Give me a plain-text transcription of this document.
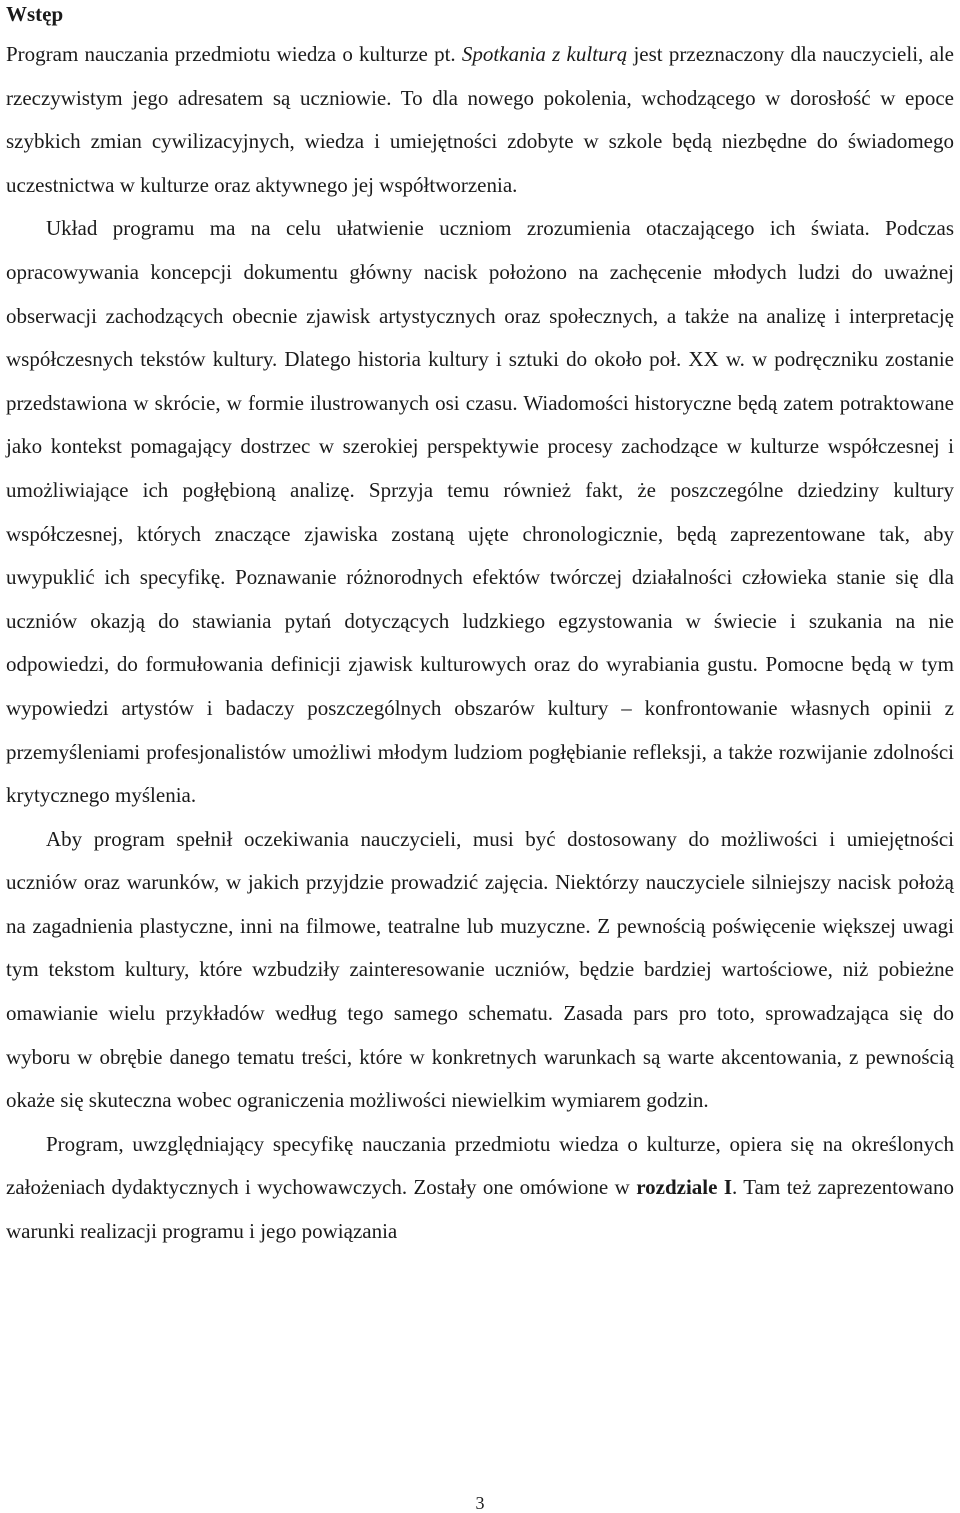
Wstęp

Program nauczania przedmiotu wiedza o kulturze pt. Spotkania z kulturą jest przeznaczony dla nauczycieli, ale rzeczywistym jego adresatem są uczniowie. To dla nowego pokolenia, wchodzącego w dorosłość w epoce szybkich zmian cywilizacyjnych, wiedza i umiejętności zdobyte w szkole będą niezbędne do świadomego uczestnictwa w kulturze oraz aktywnego jej współtworzenia.

Układ programu ma na celu ułatwienie uczniom zrozumienia otaczającego ich świata. Podczas opracowywania koncepcji dokumentu główny nacisk położono na zachęcenie młodych ludzi do uważnej obserwacji zachodzących obecnie zjawisk artystycznych oraz społecznych, a także na analizę i interpretację współczesnych tekstów kultury. Dlatego historia kultury i sztuki do około poł. XX w. w podręczniku zostanie przedstawiona w skrócie, w formie ilustrowanych osi czasu. Wiadomości historyczne będą zatem potraktowane jako kontekst pomagający dostrzec w szerokiej perspektywie procesy zachodzące w kulturze współczesnej i umożliwiające ich pogłębioną analizę. Sprzyja temu również fakt, że poszczególne dziedziny kultury współczesnej, których znaczące zjawiska zostaną ujęte chronologicznie, będą zaprezentowane tak, aby uwypuklić ich specyfikę. Poznawanie różnorodnych efektów twórczej działalności człowieka stanie się dla uczniów okazją do stawiania pytań dotyczących ludzkiego egzystowania w świecie i szukania na nie odpowiedzi, do formułowania definicji zjawisk kulturowych oraz do wyrabiania gustu. Pomocne będą w tym wypowiedzi artystów i badaczy poszczególnych obszarów kultury – konfrontowanie własnych opinii z przemyśleniami profesjonalistów umożliwi młodym ludziom pogłębianie refleksji, a także rozwijanie zdolności krytycznego myślenia.

Aby program spełnił oczekiwania nauczycieli, musi być dostosowany do możliwości i umiejętności uczniów oraz warunków, w jakich przyjdzie prowadzić zajęcia. Niektórzy nauczyciele silniejszy nacisk położą na zagadnienia plastyczne, inni na filmowe, teatralne lub muzyczne. Z pewnością poświęcenie większej uwagi tym tekstom kultury, które wzbudziły zainteresowanie uczniów, będzie bardziej wartościowe, niż pobieżne omawianie wielu przykładów według tego samego schematu. Zasada pars pro toto, sprowadzająca się do wyboru w obrębie danego tematu treści, które w konkretnych warunkach są warte akcentowania, z pewnością okaże się skuteczna wobec ograniczenia możliwości niewielkim wymiarem godzin.

Program, uwzględniający specyfikę nauczania przedmiotu wiedza o kulturze, opiera się na określonych założeniach dydaktycznych i wychowawczych. Zostały one omówione w rozdziale I. Tam też zaprezentowano warunki realizacji programu i jego powiązania

3
